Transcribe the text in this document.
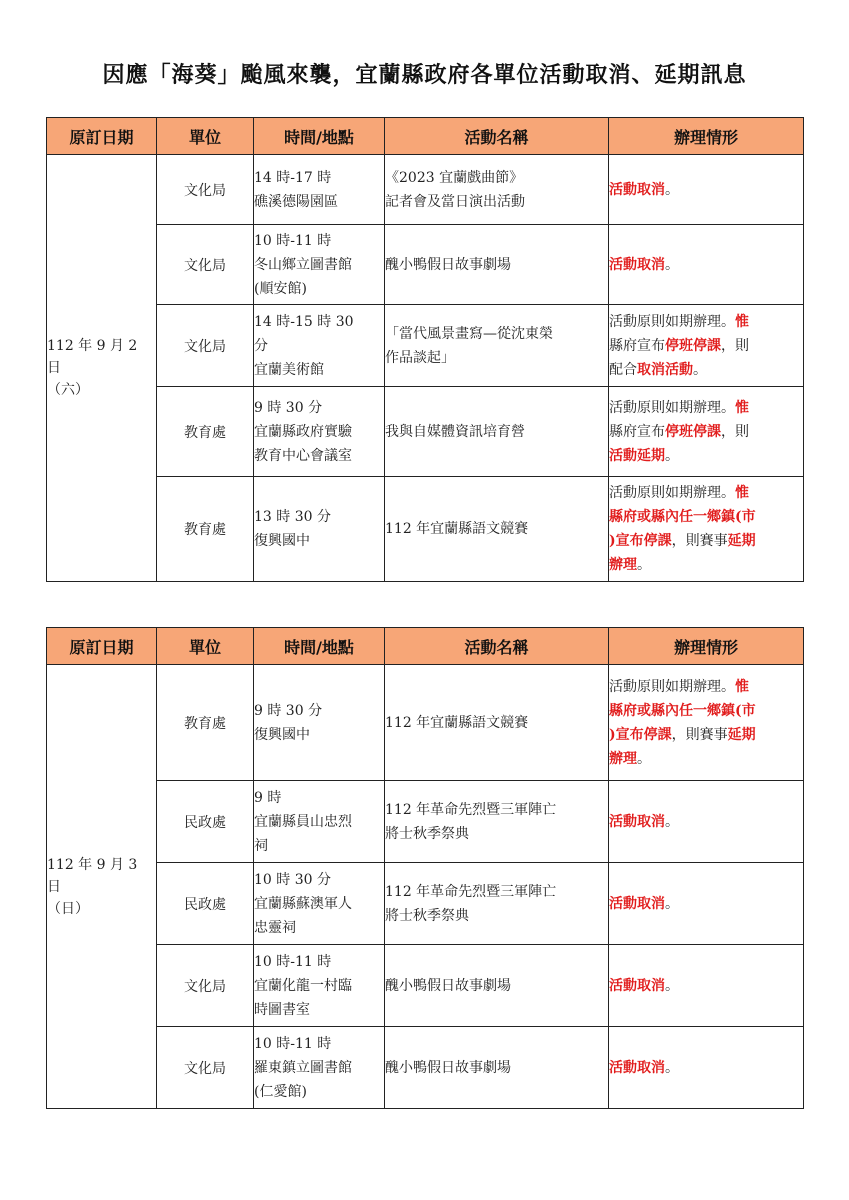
因應「海葵」颱風來襲，宜蘭縣政府各單位活動取消、延期訊息
原訂日期	單位	時間/地點	活動名稱	辦理情形

112 年 9 月 2
日
（六）	文化局	14 時-17 時
礁溪德陽園區	《2023 宜蘭戲曲節》
記者會及當日演出活動	活動取消。

	文化局	10 時-11 時
冬山鄉立圖書館
(順安館)	醜小鴨假日故事劇場	活動取消。

	文化局	14 時-15 時 30
分
宜蘭美術館	「當代風景畫寫—從沈東榮
作品談起」	活動原則如期辦理。惟
縣府宣布停班停課，則
配合取消活動。

	教育處	9 時 30 分
宜蘭縣政府實驗
教育中心會議室	我與自媒體資訊培育營	活動原則如期辦理。惟
縣府宣布停班停課，則
活動延期。

	教育處	13 時 30 分
復興國中	112 年宜蘭縣語文競賽	活動原則如期辦理。惟
縣府或縣內任一鄉鎮(市
)宣布停課，則賽事延期
辦理。
原訂日期	單位	時間/地點	活動名稱	辦理情形

112 年 9 月 3
日
（日）	教育處	9 時 30 分
復興國中	112 年宜蘭縣語文競賽	活動原則如期辦理。惟
縣府或縣內任一鄉鎮(市
)宣布停課，則賽事延期
辦理。

	民政處	9 時
宜蘭縣員山忠烈
祠	112 年革命先烈暨三軍陣亡
將士秋季祭典	活動取消。

	民政處	10 時 30 分
宜蘭縣蘇澳軍人
忠靈祠	112 年革命先烈暨三軍陣亡
將士秋季祭典	活動取消。

	文化局	10 時-11 時
宜蘭化龍一村臨
時圖書室	醜小鴨假日故事劇場	活動取消。

	文化局	10 時-11 時
羅東鎮立圖書館
(仁愛館)	醜小鴨假日故事劇場	活動取消。
